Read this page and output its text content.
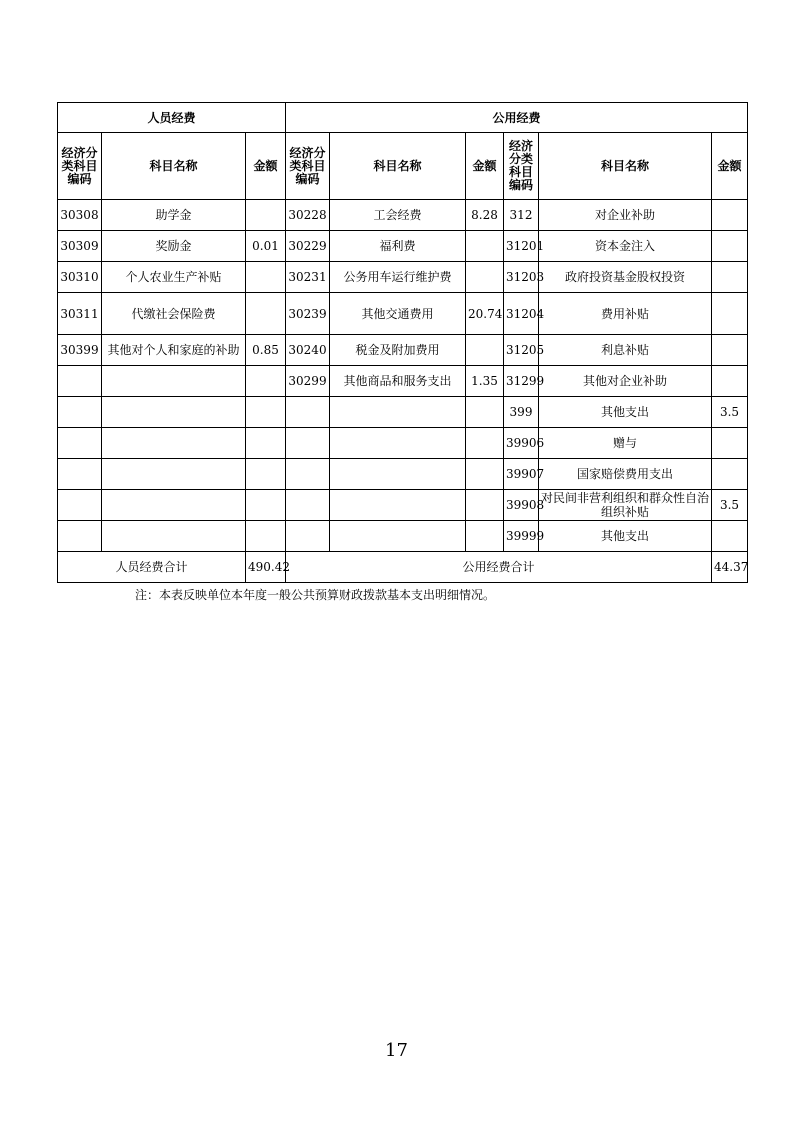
人员经费			公用经费					
经济分类科目编码	科目名称	金额	经济分类科目编码	科目名称	金额	经济分类科目编码	科目名称	金额
30308	助学金		30228	工会经费	8.28	312	对企业补助	
30309	奖励金	0.01	30229	福利费		31201	资本金注入	
30310	个人农业生产补贴		30231	公务用车运行维护费		31203	政府投资基金股权投资	
30311	代缴社会保险费		30239	其他交通费用	20.74	31204	费用补贴	
30399	其他对个人和家庭的补助	0.85	30240	税金及附加费用		31205	利息补贴	
			30299	其他商品和服务支出	1.35	31299	其他对企业补助	
						399	其他支出	3.5
						39906	赠与	
						39907	国家赔偿费用支出	
						39908	对民间非营利组织和群众性自治组织补贴	3.5
						39999	其他支出	
人员经费合计		490.42	公用经费合计					44.37
注：本表反映单位本年度一般公共预算财政拨款基本支出明细情况。
17
